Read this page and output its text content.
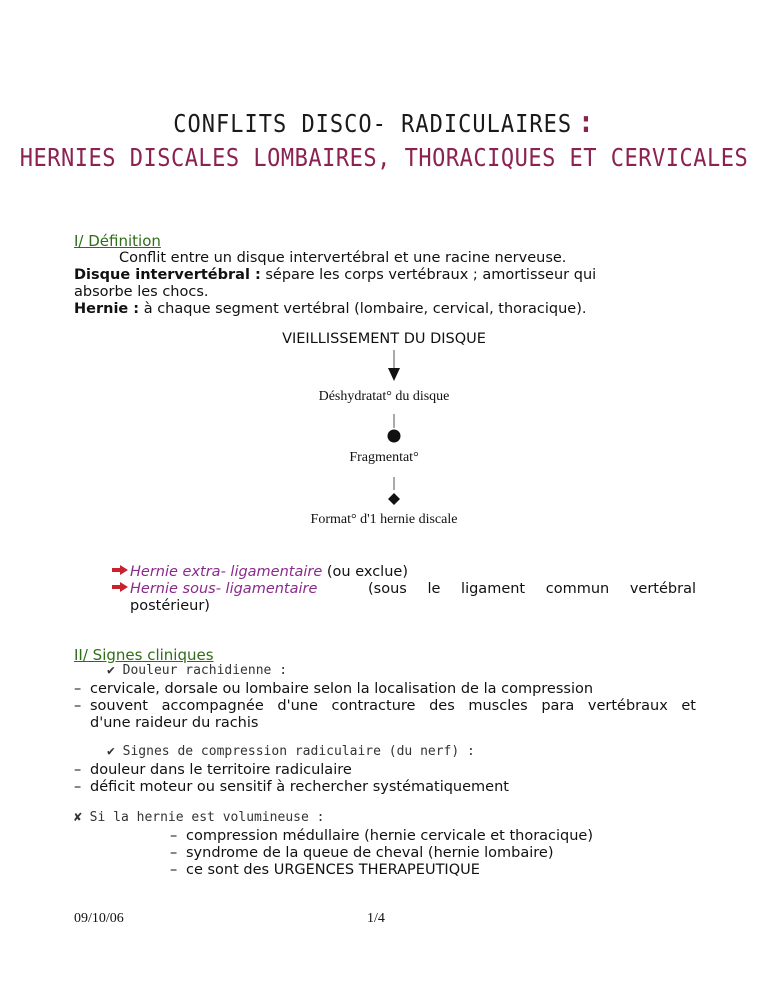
CONFLITS DISCO- RADICULAIRES :
HERNIES DISCALES LOMBAIRES, THORACIQUES ET CERVICALES
I/ Définition
Conflit entre un disque intervertébral et une racine nerveuse.
Disque intervertébral : sépare les corps vertébraux ; amortisseur qui
absorbe les chocs.
Hernie : à chaque segment vertébral (lombaire, cervical, thoracique).
VIEILLISSEMENT DU DISQUE
Déshydratat° du disque
Fragmentat°
Format° d'1 hernie discale
Hernie extra- ligamentaire (ou exclue)
Hernie sous- ligamentaire	(sous le ligament commun vertébral
postérieur)
II/ Signes cliniques
✔ Douleur rachidienne :
– cervicale, dorsale ou lombaire selon la localisation de la compression
– souvent accompagnée d'une contracture des muscles para vertébraux et
d'une raideur du rachis
✔ Signes de compression radiculaire (du nerf) :
– douleur dans le territoire radiculaire
– déficit moteur ou sensitif à rechercher systématiquement
✘ Si la hernie est volumineuse :
– compression médullaire (hernie cervicale et thoracique)
– syndrome de la queue de cheval (hernie lombaire)
– ce sont des URGENCES THERAPEUTIQUE
09/10/06	1/4
